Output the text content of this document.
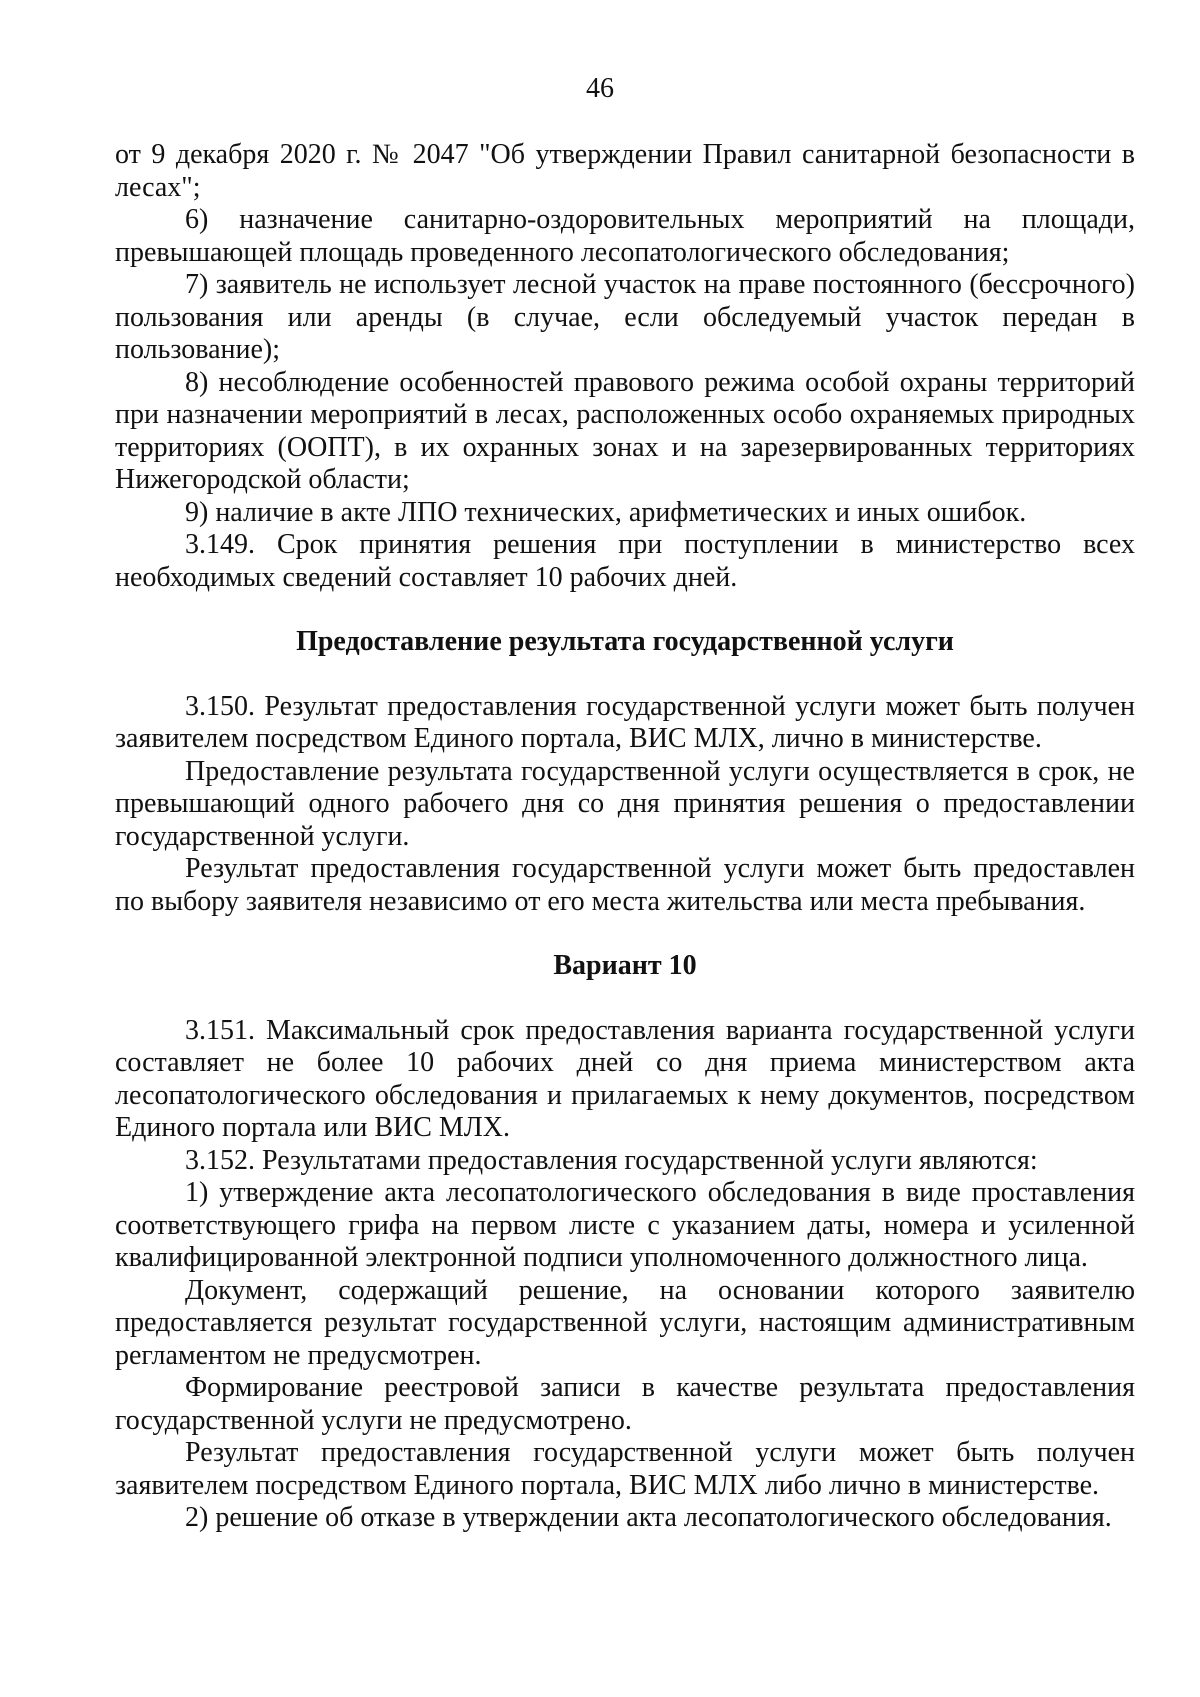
46

от 9 декабря 2020 г. № 2047 "Об утверждении Правил санитарной безопасности в лесах";

6) назначение санитарно-оздоровительных мероприятий на площади, превышающей площадь проведенного лесопатологического обследования;

7) заявитель не использует лесной участок на праве постоянного (бессрочного) пользования или аренды (в случае, если обследуемый участок передан в пользование);

8) несоблюдение особенностей правового режима особой охраны территорий при назначении мероприятий в лесах, расположенных особо охраняемых природных территориях (ООПТ), в их охранных зонах и на зарезервированных территориях Нижегородской области;

9) наличие в акте ЛПО технических, арифметических и иных ошибок.

3.149. Срок принятия решения при поступлении в министерство всех необходимых сведений составляет 10 рабочих дней.

Предоставление результата государственной услуги

3.150. Результат предоставления государственной услуги может быть получен заявителем посредством Единого портала, ВИС МЛХ, лично в министерстве.

Предоставление результата государственной услуги осуществляется в срок, не превышающий одного рабочего дня со дня принятия решения о предоставлении государственной услуги.

Результат предоставления государственной услуги может быть предоставлен по выбору заявителя независимо от его места жительства или места пребывания.

Вариант 10

3.151. Максимальный срок предоставления варианта государственной услуги составляет не более 10 рабочих дней со дня приема министерством акта лесопатологического обследования и прилагаемых к нему документов, посредством Единого портала или ВИС МЛХ.

3.152. Результатами предоставления государственной услуги являются:

1) утверждение акта лесопатологического обследования в виде проставления соответствующего грифа на первом листе с указанием даты, номера и усиленной квалифицированной электронной подписи уполномоченного должностного лица.

Документ, содержащий решение, на основании которого заявителю предоставляется результат государственной услуги, настоящим административным регламентом не предусмотрен.

Формирование реестровой записи в качестве результата предоставления государственной услуги не предусмотрено.

Результат предоставления государственной услуги может быть получен заявителем посредством Единого портала, ВИС МЛХ либо лично в министерстве.

2) решение об отказе в утверждении акта лесопатологического обследования.
